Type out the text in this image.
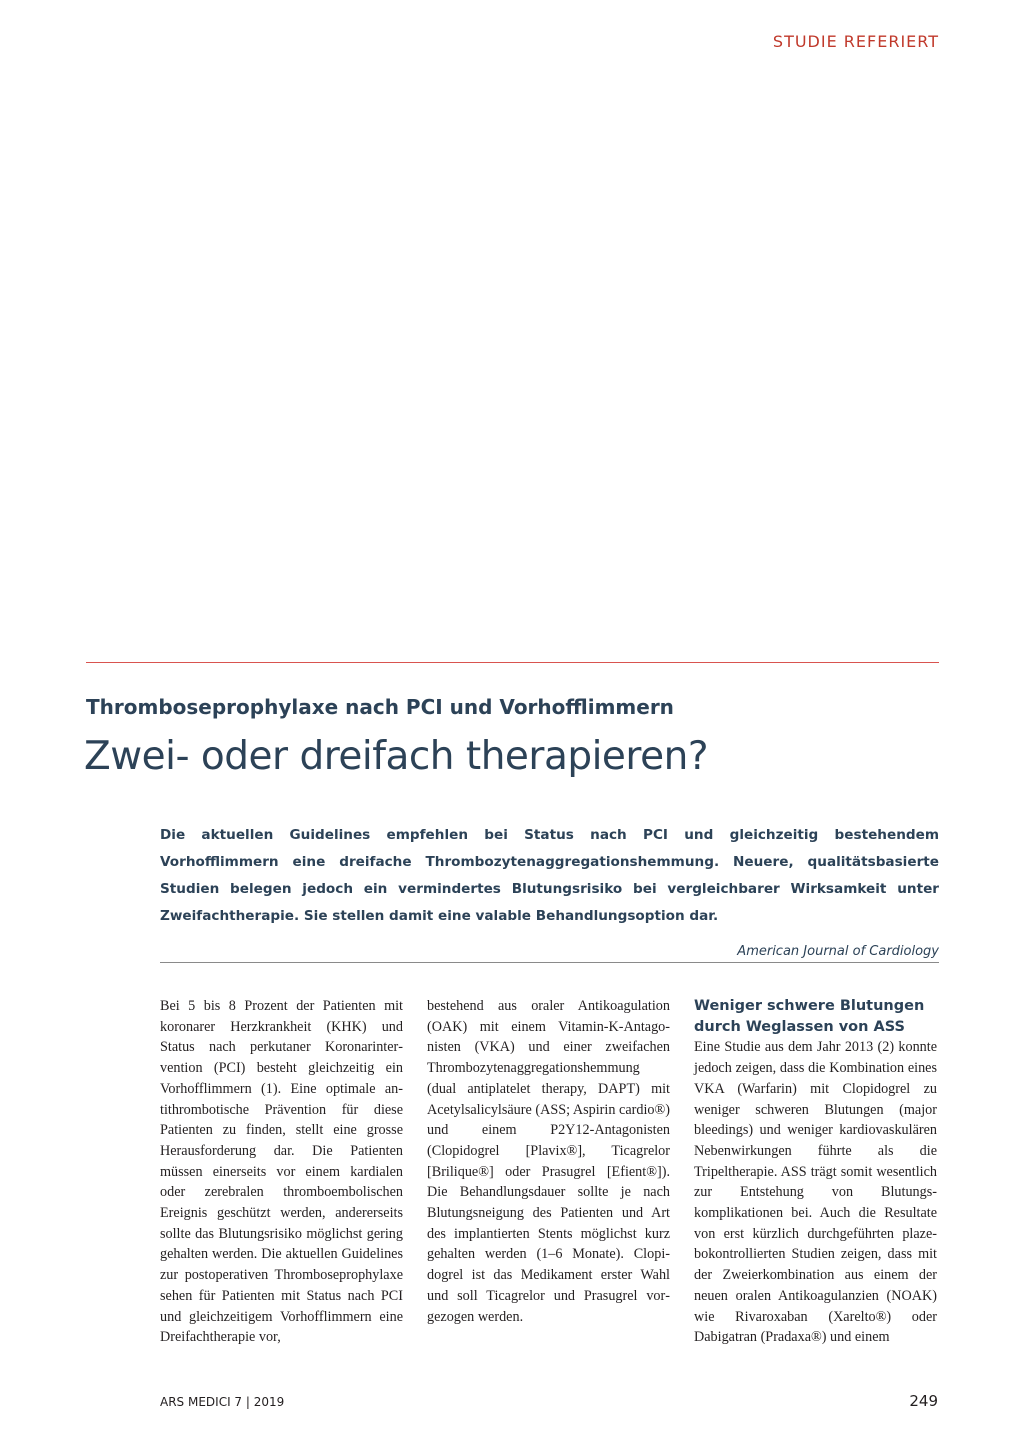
STUDIE REFERIERT
Thromboseprophylaxe nach PCI und Vorhofflimmern
Zwei- oder dreifach therapieren?

Die aktuellen Guidelines empfehlen bei Status nach PCI und gleichzeitig bestehendem Vorhofflimmern eine dreifache Thrombozytenaggregationshemmung. Neuere, qualitätsbasierte Studien belegen jedoch ein vermindertes Blutungsrisiko bei vergleichbarer Wirksamkeit unter Zweifachtherapie. Sie stellen damit eine valable Behandlungsoption dar.

American Journal of Cardiology

Bei 5 bis 8 Prozent der Patienten mit koronarer Herzkrankheit (KHK) und Status nach perkutaner Koronarintervention (PCI) besteht gleichzeitig ein Vorhofflimmern (1). Eine optimale antithrombotische Prävention für diese Patienten zu finden, stellt eine grosse Herausforderung dar. Die Patienten müssen einerseits vor einem kardialen oder zerebralen thromboembolischen Ereignis geschützt werden, andererseits sollte das Blutungsrisiko möglichst gering gehalten werden. Die aktuellen Guidelines zur postoperativen Thromboseprophylaxe sehen für Patienten mit Status nach PCI und gleichzeitigem Vorhofflimmern eine Dreifachtherapie vor,

bestehend aus oraler Antikoagulation (OAK) mit einem Vitamin-K-Antagonisten (VKA) und einer zweifachen Thrombozytenaggregationshemmung (dual antiplatelet therapy, DAPT) mit Acetylsalicylsäure (ASS; Aspirin cardio®) und einem P2Y12-Antagonisten (Clopidogrel [Plavix®], Ticagrelor [Brilique®] oder Prasugrel [Efient®]). Die Behandlungsdauer sollte je nach Blutungsneigung des Patienten und Art des implantierten Stents möglichst kurz gehalten werden (1–6 Monate). Clopidogrel ist das Medikament erster Wahl und soll Ticagrelor und Prasugrel vorgezogen werden.

Weniger schwere Blutungen durch Weglassen von ASS

Eine Studie aus dem Jahr 2013 (2) konnte jedoch zeigen, dass die Kombination eines VKA (Warfarin) mit Clopidogrel zu weniger schweren Blutungen (major bleedings) und weniger kardiovaskulären Nebenwirkungen führte als die Tripeltherapie. ASS trägt somit wesentlich zur Entstehung von Blutungskomplikationen bei. Auch die Resultate von erst kürzlich durchgeführten plazebokontrollierten Studien zeigen, dass mit der Zweierkombination aus einem der neuen oralen Antikoagulanzien (NOAK) wie Rivaroxaban (Xarelto®) oder Dabigatran (Pradaxa®) und einem

ARS MEDICI 7 | 2019	249
